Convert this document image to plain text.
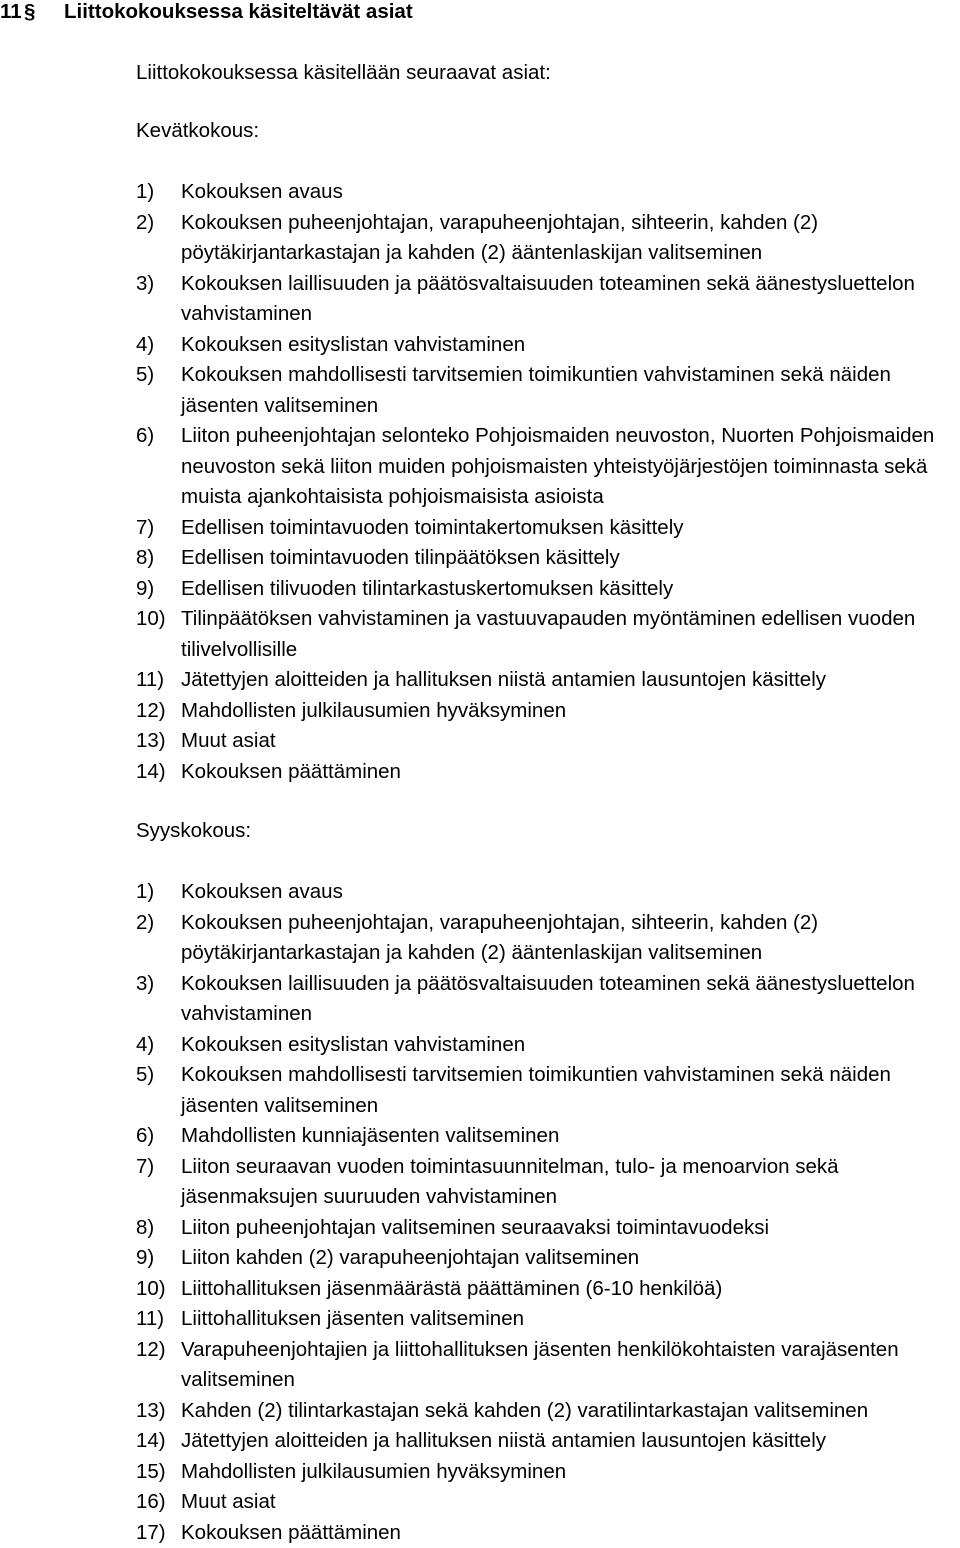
11 § Liittokokouksessa käsiteltävät asiat
Liittokokouksessa käsitellään seuraavat asiat:
Kevätkokous:
1) Kokouksen avaus
2) Kokouksen puheenjohtajan, varapuheenjohtajan, sihteerin, kahden (2)
pöytäkirjantarkastajan ja kahden (2) ääntenlaskijan valitseminen
3) Kokouksen laillisuuden ja päätösvaltaisuuden toteaminen sekä äänestysluettelon
vahvistaminen
4) Kokouksen esityslistan vahvistaminen
5) Kokouksen mahdollisesti tarvitsemien toimikuntien vahvistaminen sekä näiden
jäsenten valitseminen
6) Liiton puheenjohtajan selonteko Pohjoismaiden neuvoston, Nuorten Pohjoismaiden
neuvoston sekä liiton muiden pohjoismaisten yhteistyöjärjestöjen toiminnasta sekä
muista ajankohtaisista pohjoismaisista asioista
7) Edellisen toimintavuoden toimintakertomuksen käsittely
8) Edellisen toimintavuoden tilinpäätöksen käsittely
9) Edellisen tilivuoden tilintarkastuskertomuksen käsittely
10) Tilinpäätöksen vahvistaminen ja vastuuvapauden myöntäminen edellisen vuoden
tilivelvollisille
11) Jätettyjen aloitteiden ja hallituksen niistä antamien lausuntojen käsittely
12) Mahdollisten julkilausumien hyväksyminen
13) Muut asiat
14) Kokouksen päättäminen
Syyskokous:
1) Kokouksen avaus
2) Kokouksen puheenjohtajan, varapuheenjohtajan, sihteerin, kahden (2)
pöytäkirjantarkastajan ja kahden (2) ääntenlaskijan valitseminen
3) Kokouksen laillisuuden ja päätösvaltaisuuden toteaminen sekä äänestysluettelon
vahvistaminen
4) Kokouksen esityslistan vahvistaminen
5) Kokouksen mahdollisesti tarvitsemien toimikuntien vahvistaminen sekä näiden
jäsenten valitseminen
6) Mahdollisten kunniajäsenten valitseminen
7) Liiton seuraavan vuoden toimintasuunnitelman, tulo- ja menoarvion sekä
jäsenmaksujen suuruuden vahvistaminen
8) Liiton puheenjohtajan valitseminen seuraavaksi toimintavuodeksi
9) Liiton kahden (2) varapuheenjohtajan valitseminen
10) Liittohallituksen jäsenmäärästä päättäminen (6-10 henkilöä)
11) Liittohallituksen jäsenten valitseminen
12) Varapuheenjohtajien ja liittohallituksen jäsenten henkilökohtaisten varajäsenten
valitseminen
13) Kahden (2) tilintarkastajan sekä kahden (2) varatilintarkastajan valitseminen
14) Jätettyjen aloitteiden ja hallituksen niistä antamien lausuntojen käsittely
15) Mahdollisten julkilausumien hyväksyminen
16) Muut asiat
17) Kokouksen päättäminen
